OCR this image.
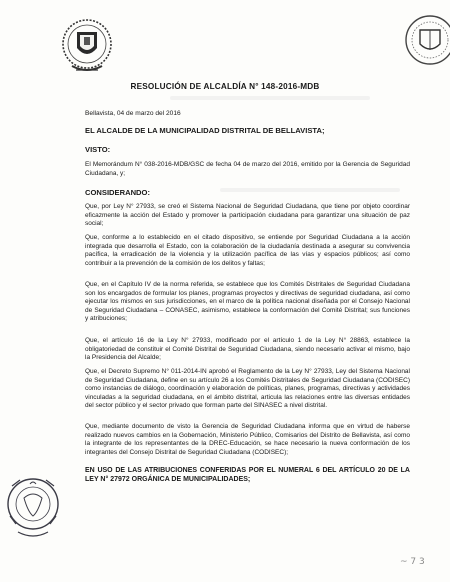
RESOLUCIÓN DE ALCALDÍA N° 148-2016-MDB
Bellavista, 04 de marzo del 2016
EL ALCALDE DE LA MUNICIPALIDAD DISTRITAL DE BELLAVISTA;
VISTO:
El Memorándum N° 038-2016-MDB/GSC de fecha 04 de marzo del 2016, emitido por la Gerencia de Seguridad Ciudadana, y;
CONSIDERANDO:
Que, por Ley N° 27933, se creó el Sistema Nacional de Seguridad Ciudadana, que tiene por objeto coordinar eficazmente la acción del Estado y promover la participación ciudadana para garantizar una situación de paz social;
Que, conforme a lo establecido en el citado dispositivo, se entiende por Seguridad Ciudadana a la acción integrada que desarrolla el Estado, con la colaboración de la ciudadanía destinada a asegurar su convivencia pacífica, la erradicación de la violencia y la utilización pacífica de las vías y espacios públicos; así como contribuir a la prevención de la comisión de los delitos y faltas;
Que, en el Capítulo IV de la norma referida, se establece que los Comités Distritales de Seguridad Ciudadana son los encargados de formular los planes, programas proyectos y directivas de seguridad ciudadana, así como ejecutar los mismos en sus jurisdicciones, en el marco de la política nacional diseñada por el Consejo Nacional de Seguridad Ciudadana – CONASEC, asimismo, establece la conformación del Comité Distrital; sus funciones y atribuciones;
Que, el artículo 16 de la Ley N° 27933, modificado por el artículo 1 de la Ley N° 28863, establece la obligatoriedad de constituir el Comité Distrital de Seguridad Ciudadana, siendo necesario activar el mismo, bajo la Presidencia del Alcalde;
Que, el Decreto Supremo N° 011-2014-IN aprobó el Reglamento de la Ley N° 27933, Ley del Sistema Nacional de Seguridad Ciudadana, define en su artículo 26 a los Comités Distritales de Seguridad Ciudadana (CODISEC) como instancias de diálogo, coordinación y elaboración de políticas, planes, programas, directivas y actividades vinculadas a la seguridad ciudadana, en el ámbito distrital, articula las relaciones entre las diversas entidades del sector público y el sector privado que forman parte del SINASEC a nivel distrital.
Que, mediante documento de visto la Gerencia de Seguridad Ciudadana informa que en virtud de haberse realizado nuevos cambios en la Gobernación, Ministerio Público, Comisarios del Distrito de Bellavista, así como la integrante de los representantes de la DREC-Educación, se hace necesario la nueva conformación de los integrantes del Consejo Distrital de Seguridad Ciudadana (CODISEC);
EN USO DE LAS ATRIBUCIONES CONFERIDAS POR EL NUMERAL 6 DEL ARTÍCULO 20 DE LA LEY N° 27972 ORGÁNICA DE MUNICIPALIDADES;
~ 7 3
